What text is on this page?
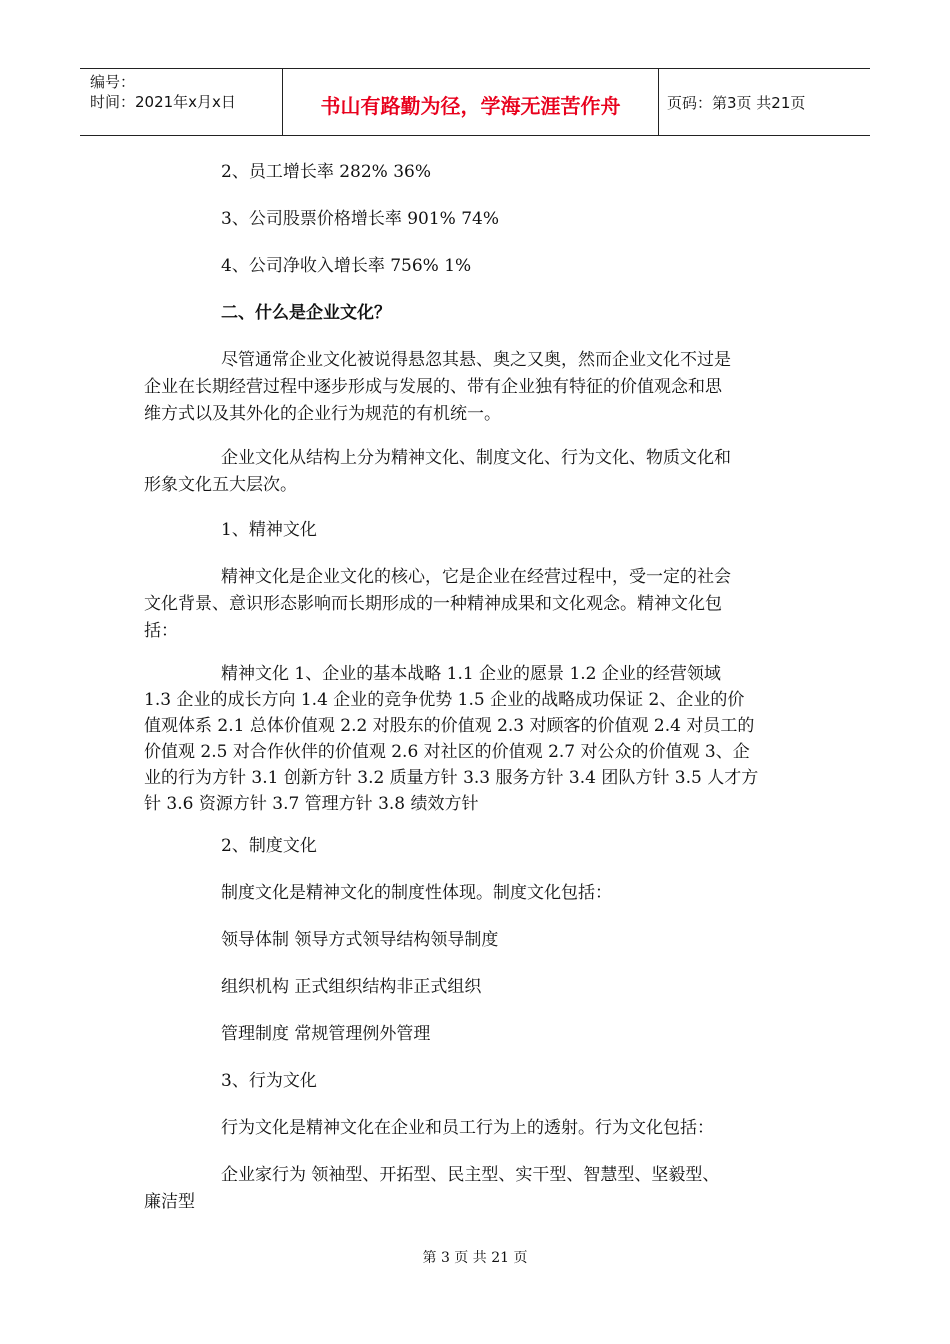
编号：
时间：2021年x月x日	书山有路勤为径，学海无涯苦作舟	页码：第3页 共21页

2、员工增长率 282% 36%

3、公司股票价格增长率 901% 74%

4、公司净收入增长率 756% 1%

二、什么是企业文化？

尽管通常企业文化被说得悬忽其悬、奥之又奥，然而企业文化不过是

企业在长期经营过程中逐步形成与发展的、带有企业独有特征的价值观念和思

维方式以及其外化的企业行为规范的有机统一。

企业文化从结构上分为精神文化、制度文化、行为文化、物质文化和

形象文化五大层次。

1、精神文化

精神文化是企业文化的核心，它是企业在经营过程中，受一定的社会

文化背景、意识形态影响而长期形成的一种精神成果和文化观念。精神文化包

括：

精神文化 1、企业的基本战略 1.1 企业的愿景 1.2 企业的经营领域

1.3 企业的成长方向 1.4 企业的竞争优势 1.5 企业的战略成功保证 2、企业的价

值观体系 2.1 总体价值观 2.2 对股东的价值观 2.3 对顾客的价值观 2.4 对员工的

价值观 2.5 对合作伙伴的价值观 2.6 对社区的价值观 2.7 对公众的价值观 3、企

业的行为方针 3.1 创新方针 3.2 质量方针 3.3 服务方针 3.4 团队方针 3.5 人才方

针 3.6 资源方针 3.7 管理方针 3.8 绩效方针

2、制度文化

制度文化是精神文化的制度性体现。制度文化包括：

领导体制 领导方式领导结构领导制度

组织机构 正式组织结构非正式组织

管理制度 常规管理例外管理

3、行为文化

行为文化是精神文化在企业和员工行为上的透射。行为文化包括：

企业家行为 领袖型、开拓型、民主型、实干型、智慧型、坚毅型、

廉洁型

第 3 页 共 21 页
